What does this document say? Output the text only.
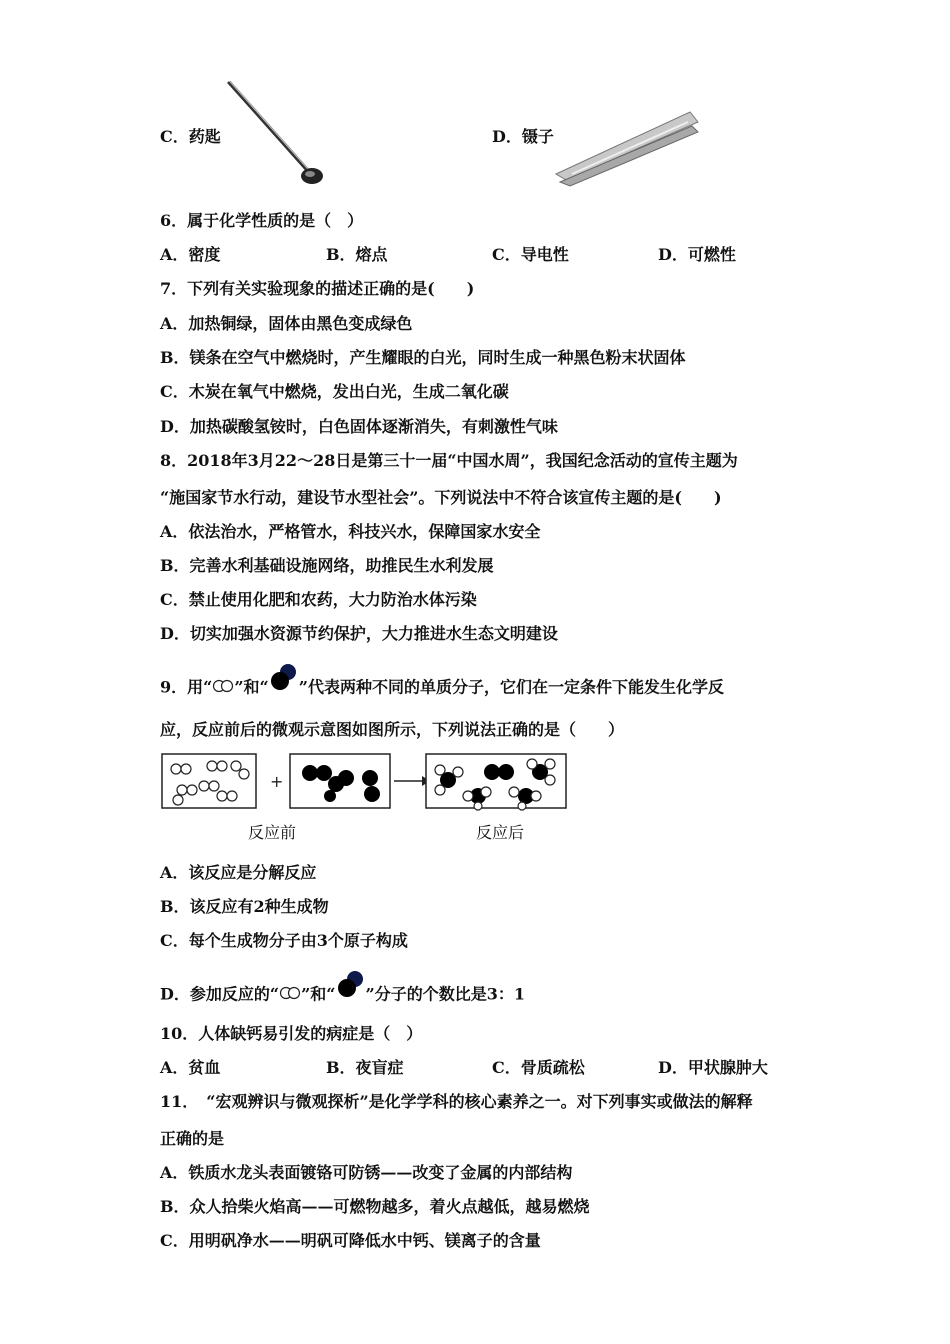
C．药匙	D．镊子
6．属于化学性质的是（　）
A．密度	B．熔点	C．导电性	D．可燃性
7．下列有关实验现象的描述正确的是(　　)
A．加热铜绿，固体由黑色变成绿色
B．镁条在空气中燃烧时，产生耀眼的白光，同时生成一种黑色粉末状固体
C．木炭在氧气中燃烧，发出白光，生成二氧化碳
D．加热碳酸氢铵时，白色固体逐渐消失，有刺激性气味
8．2018年3月22～28日是第三十一届“中国水周”，我国纪念活动的宣传主题为
“施国家节水行动，建设节水型社会”。下列说法中不符合该宣传主题的是(　　)
A．依法治水，严格管水，科技兴水，保障国家水安全
B．完善水利基础设施网络，助推民生水利发展
C．禁止使用化肥和农药，大力防治水体污染
D．切实加强水资源节约保护，大力推进水生态文明建设
9．用“ ”和“ ”代表两种不同的单质分子，它们在一定条件下能发生化学反
应，反应前后的微观示意图如图所示，下列说法正确的是（　　）
+
反应前	反应后
A．该反应是分解反应
B．该反应有2种生成物
C．每个生成物分子由3个原子构成
D．参加反应的“ ”和“ ”分子的个数比是3：1
10．人体缺钙易引发的病症是（　）
A．贫血	B．夜盲症	C．骨质疏松	D．甲状腺肿大
11．　“宏观辨识与微观探析”是化学学科的核心素养之一。对下列事实或做法的解释
正确的是
A．铁质水龙头表面镀铬可防锈——改变了金属的内部结构
B．众人拾柴火焰高——可燃物越多，着火点越低，越易燃烧
C．用明矾净水——明矾可降低水中钙、镁离子的含量
